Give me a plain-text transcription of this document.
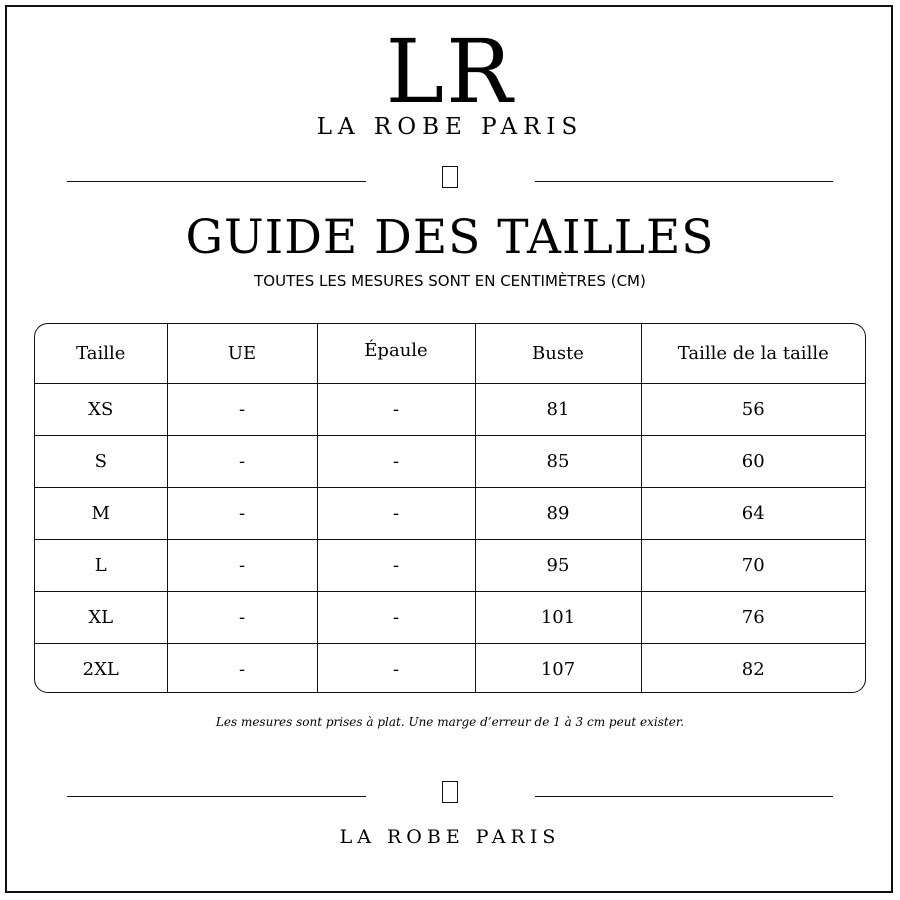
LR
LA ROBE PARIS
GUIDE DES TAILLES
TOUTES LES MESURES SONT EN CENTIMÈTRES (CM)
Taille	UE	Épaule	Buste	Taille de la taille
XS	-	-	81	56
S	-	-	85	60
M	-	-	89	64
L	-	-	95	70
XL	-	-	101	76
2XL	-	-	107	82
Les mesures sont prises à plat. Une marge d’erreur de 1 à 3 cm peut exister.
LA ROBE PARIS
